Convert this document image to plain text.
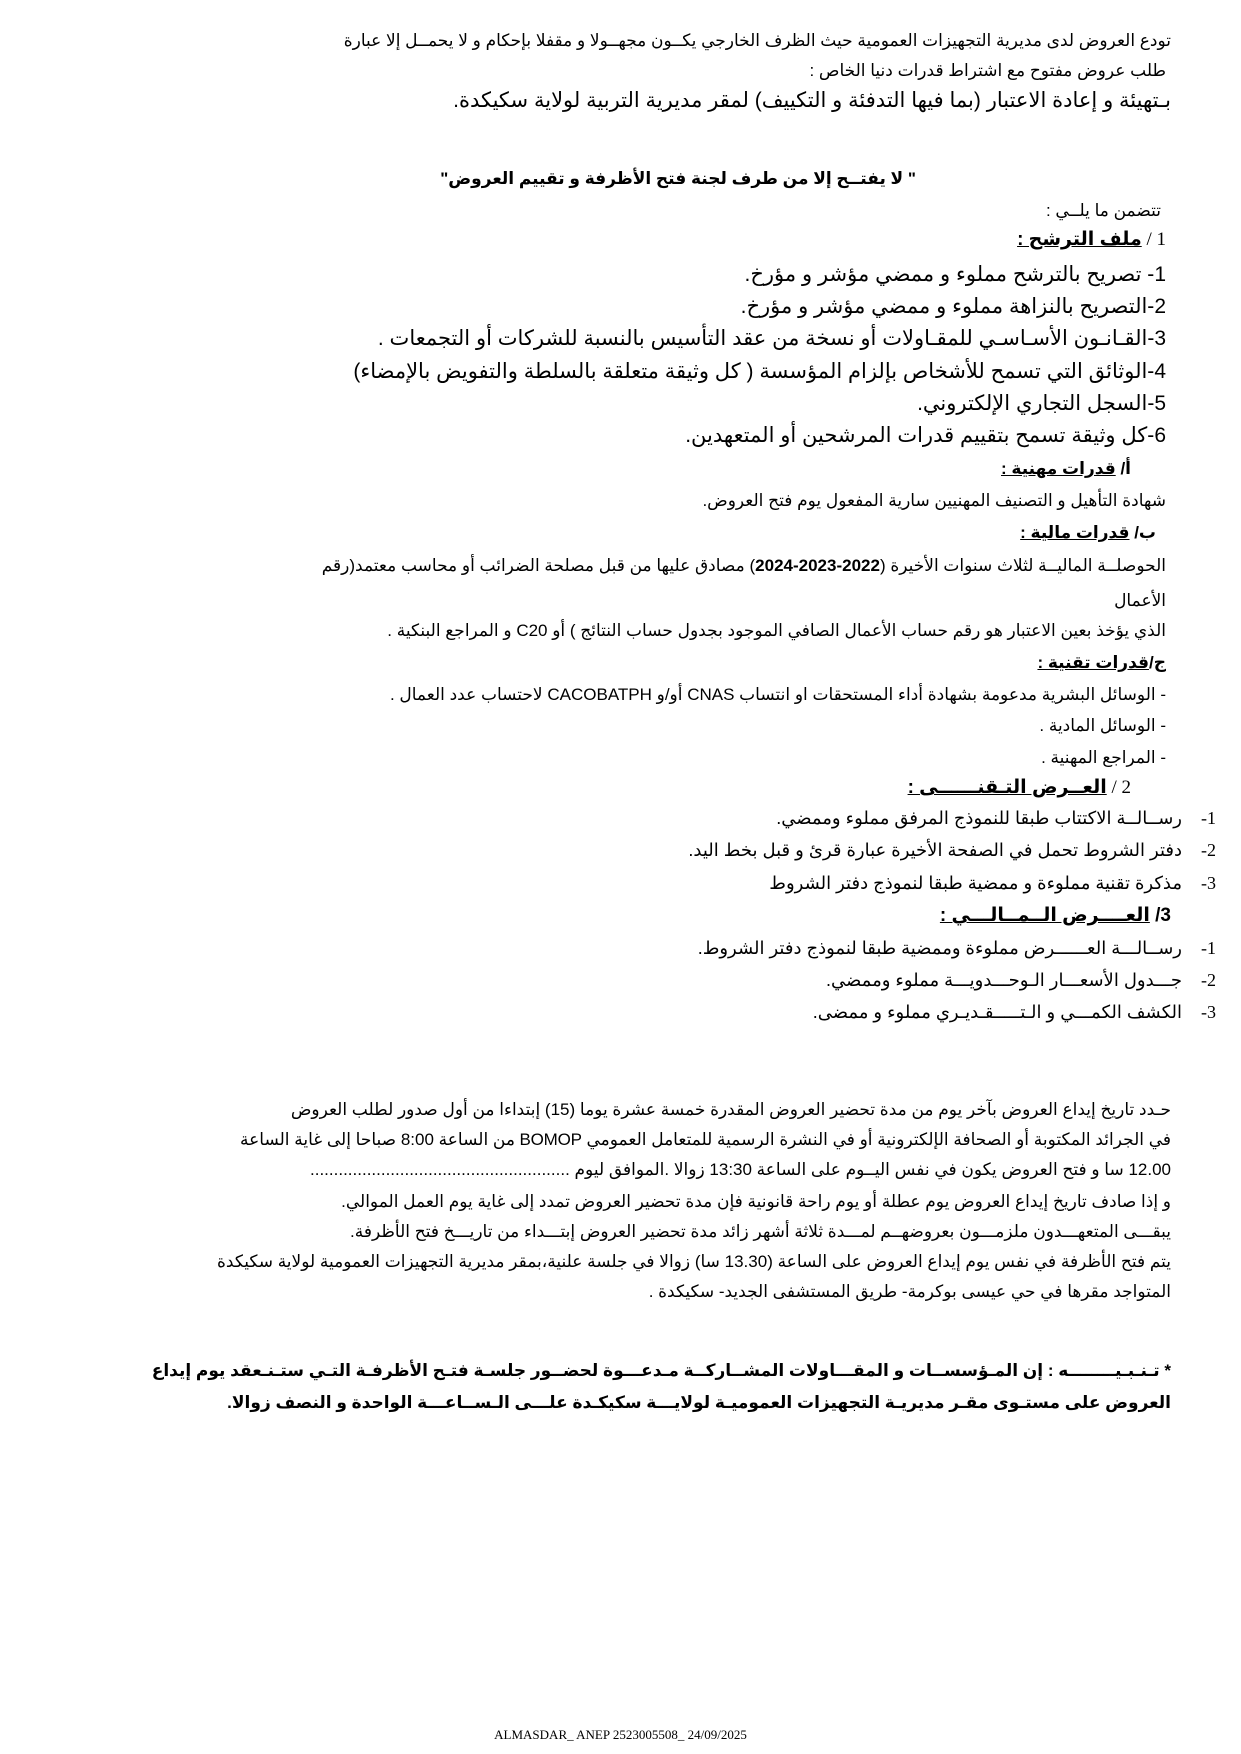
تودع العروض لدى مديرية التجهيزات العمومية حيث الظرف الخارجي يكــون مجهــولا و مقفلا بإحكام و لا يحمــل إلا عبارة
طلب عروض مفتوح مع اشتراط قدرات دنيا الخاص :
بـتهيئة و إعادة الاعتبار (بما فيها التدفئة و التكييف) لمقر مديرية التربية لولاية سكيكدة.
" لا يفتــح إلا من طرف لجنة فتح الأظرفة و تقييم العروض"
تتضمن ما يلــي :
1 / ملف الترشح :
1- تصريح بالترشح مملوء و ممضي مؤشر و مؤرخ.
2-التصريح بالنزاهة مملوء و ممضي مؤشر و مؤرخ.
3-القـانـون الأسـاسـي للمقـاولات أو نسخة من عقد التأسيس بالنسبة للشركات أو التجمعات .
4-الوثائق التي تسمح للأشخاص بإلزام المؤسسة ( كل وثيقة متعلقة بالسلطة والتفويض بالإمضاء)
5-السجل التجاري الإلكتروني.
6-كل وثيقة تسمح بتقييم قدرات المرشحين أو المتعهدين.
أ/ قدرات مهنية :
شهادة التأهيل و التصنيف المهنيين سارية المفعول يوم فتح العروض.
ب/ قدرات مالية :
الحوصلــة الماليــة لثلاث سنوات الأخيرة (2024-2023-2022) مصادق عليها من قبل مصلحة الضرائب أو محاسب معتمد(رقم
الأعمال
الذي يؤخذ بعين الاعتبار هو رقم حساب الأعمال الصافي الموجود بجدول حساب النتائج ) أو C20 و المراجع البنكية .
ج/قدرات تقنية :
- الوسائل البشرية مدعومة بشهادة أداء المستحقات او انتساب CNAS أو/و CACOBATPH لاحتساب عدد العمال .
- الوسائل المادية .
- المراجع المهنية .
2 / العــرض التـقنــــــى :
1-رســالــة الاكتتاب طبقا للنموذج المرفق مملوء وممضي.
2-دفتر الشروط تحمل في الصفحة الأخيرة عبارة قرئ و قبل بخط اليد.
3-مذكرة تقنية مملوءة و ممضية طبقا لنموذج دفتر الشروط
3/ العــــرض الــمــالـــي :
1-رســالـــة العــــــرض مملوءة وممضية طبقا لنموذج دفتر الشروط.
2-جـــدول الأسعـــار الـوحـــدويـــة مملوء وممضي.
3-الكشف الكمـــي و الـتـــــقـديـري مملوء و ممضى.
حـدد تاريخ إيداع العروض بآخر يوم من مدة تحضير العروض المقدرة خمسة عشرة يوما (15) إبتداءا من أول صدور لطلب العروض
في الجرائد المكتوبة أو الصحافة الإلكترونية أو في النشرة الرسمية للمتعامل العمومي BOMOP من الساعة 8:00 صباحا إلى غاية الساعة
12.00 سا و فتح العروض يكون في نفس اليــوم على الساعة 13:30 زوالا .الموافق ليوم .......................................................
و إذا صادف تاريخ إيداع العروض يوم عطلة أو يوم راحة قانونية فإن مدة تحضير العروض تمدد إلى غاية يوم العمل الموالي.
يبقـــى المتعهـــدون ملزمـــون بعروضهــم لمـــدة ثلاثة أشهر زائد مدة تحضير العروض إبتـــداء من تاريـــخ فتح الأظرفة.
يتم فتح الأظرفة في نفس يوم إيداع العروض على الساعة (13.30 سا) زوالا في جلسة علنية،بمقر مديرية التجهيزات العمومية لولاية سكيكدة
المتواجد مقرها في حي عيسى بوكرمة- طريق المستشفى الجديد- سكيكدة .
* تـنـبـيــــــــه : إن المـؤسســات و المقـــاولات المشــاركــة مـدعـــوة لحضــور جلسـة فتـح الأظرفـة التـي ستـنـعقد يوم إيداع
العروض على مستـوى مقـر مديريـة التجهيزات العموميـة لولايـــة سكيكـدة علـــى الـســاعـــة الواحدة و النصف زوالا.
ALMASDAR_ ANEP 2523005508_ 24/09/2025
